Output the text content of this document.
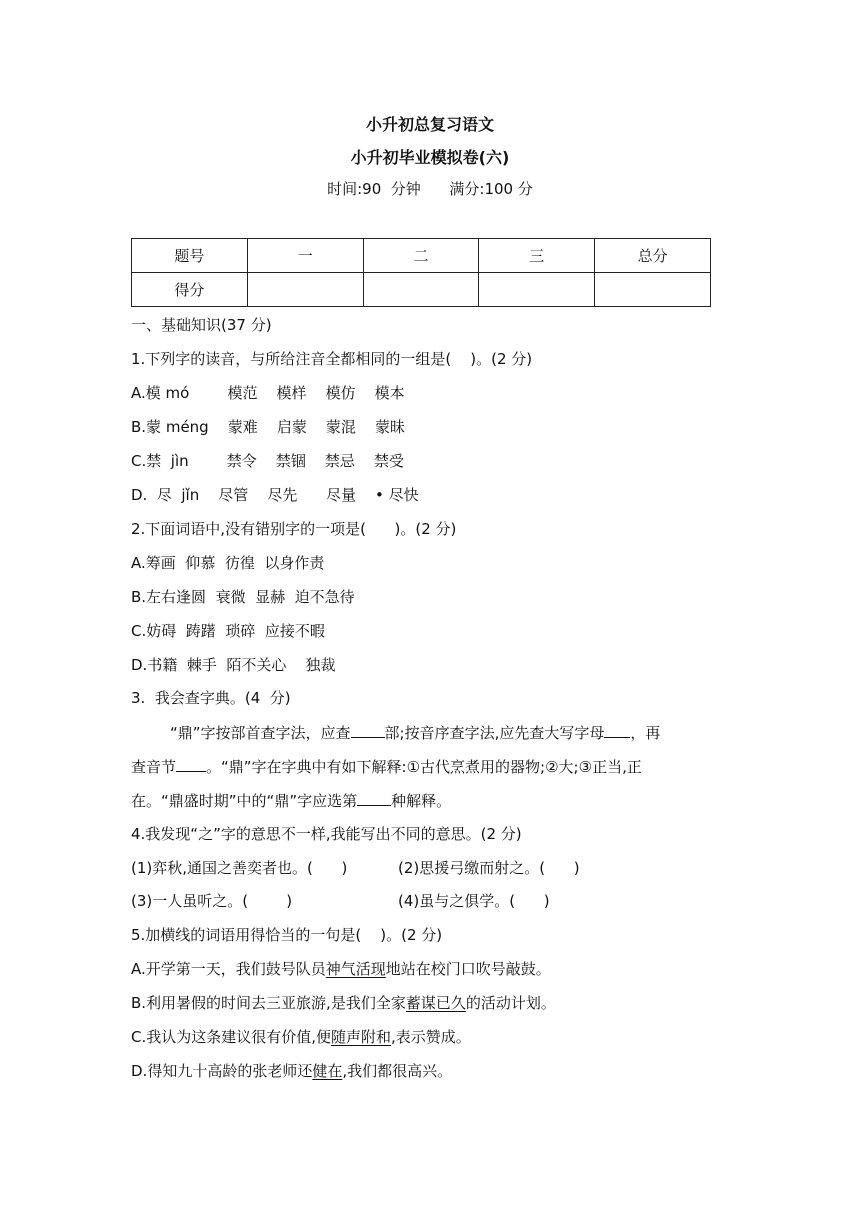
小升初总复习语文
小升初毕业模拟卷(六)
时间:90  分钟      满分:100 分
题号	一	二	三	总分
得分				
一、基础知识(37 分)
1.下列字的读音，与所给注音全都相同的一组是(    )。(2 分)
A.模 mó        模范    模样    模仿    模本
B.蒙 méng    蒙难    启蒙    蒙混    蒙昧
C.禁  jìn        禁令    禁锢    禁忌    禁受
D.  尽  jǐn    尽管    尽先      尽量    • 尽快
2.下面词语中,没有错别字的一项是(      )。(2 分)
A.筹画  仰慕  彷徨  以身作责
B.左右逢圆  衰微  显赫  迫不急待
C.妨碍  踌躇  琐碎  应接不暇
D.书籍  棘手  陌不关心    独裁
3.  我会查字典。(4  分)
“鼎”字按部首查字法，应查 部;按音序查字法,应先查大写字母 ，再
查音节 。“鼎”字在字典中有如下解释:①古代烹煮用的器物;②大;③正当,正
在。“鼎盛时期”中的“鼎”字应选第 种解释。
4.我发现“之”字的意思不一样,我能写出不同的意思。(2 分)
(1)弈秋,通国之善奕者也。(      )	(2)思援弓缴而射之。(      )
(3)一人虽听之。(        )	(4)虽与之俱学。(      )
5.加横线的词语用得恰当的一句是(    )。(2 分)
A.开学第一天，我们鼓号队员神气活现地站在校门口吹号敲鼓。
B.利用暑假的时间去三亚旅游,是我们全家蓄谋已久的活动计划。
C.我认为这条建议很有价值,便随声附和,表示赞成。
D.得知九十高龄的张老师还健在,我们都很高兴。
